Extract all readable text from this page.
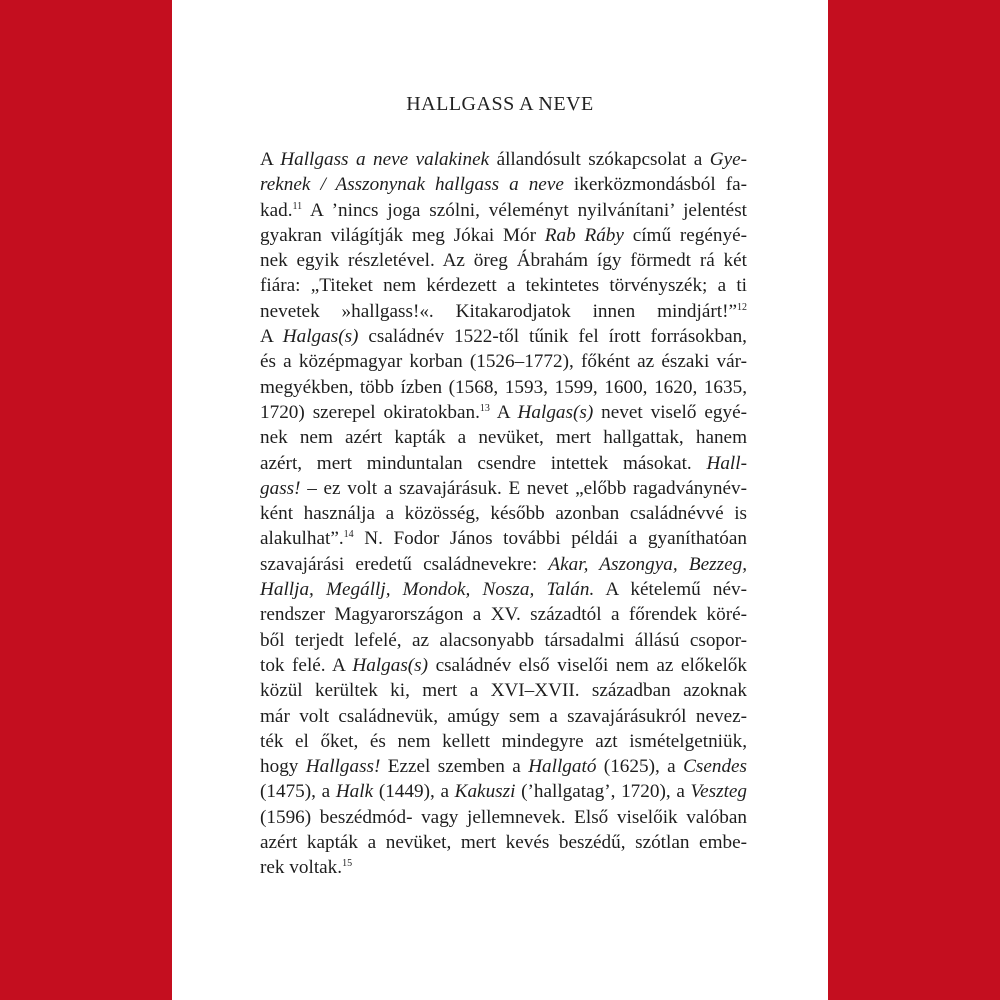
HALLGASS A NEVE
A Hallgass a neve valakinek állandósult szókapcsolat a Gye-
reknek / Asszonynak hallgass a neve ikerközmondásból fa-
kad.$^{11}$ A ’nincs joga szólni, véleményt nyilvánítani’ jelentést
gyakran világítják meg Jókai Mór Rab Ráby című regényé-
nek egyik részletével. Az öreg Ábrahám így förmedt rá két
fiára: „Titeket nem kérdezett a tekintetes törvényszék; a ti
nevetek »hallgass!«. Kitakarodjatok innen mindjárt!”$^{12}$
A Halgas(s) családnév 1522-től tűnik fel írott forrásokban,
és a középmagyar korban (1526–1772), főként az északi vár-
megyékben, több ízben (1568, 1593, 1599, 1600, 1620, 1635,
1720) szerepel okiratokban.$^{13}$ A Halgas(s) nevet viselő egyé-
nek nem azért kapták a nevüket, mert hallgattak, hanem
azért, mert minduntalan csendre intettek másokat. Hall-
gass! – ez volt a szavajárásuk. E nevet „előbb ragadványnév-
ként használja a közösség, később azonban családnévvé is
alakulhat”.$^{14}$ N. Fodor János további példái a gyaníthatóan
szavajárási eredetű családnevekre: Akar, Aszongya, Bezzeg,
Hallja, Megállj, Mondok, Nosza, Talán. A kételemű név-
rendszer Magyarországon a XV. századtól a főrendek köré-
ből terjedt lefelé, az alacsonyabb társadalmi állású csopor-
tok felé. A Halgas(s) családnév első viselői nem az előkelők
közül kerültek ki, mert a XVI–XVII. században azoknak
már volt családnevük, amúgy sem a szavajárásukról nevez-
ték el őket, és nem kellett mindegyre azt ismételgetniük,
hogy Hallgass! Ezzel szemben a Hallgató (1625), a Csendes
(1475), a Halk (1449), a Kakuszi (’hallgatag’, 1720), a Veszteg
(1596) beszédmód- vagy jellemnevek. Első viselőik valóban
azért kapták a nevüket, mert kevés beszédű, szótlan embe-
rek voltak.$^{15}$
